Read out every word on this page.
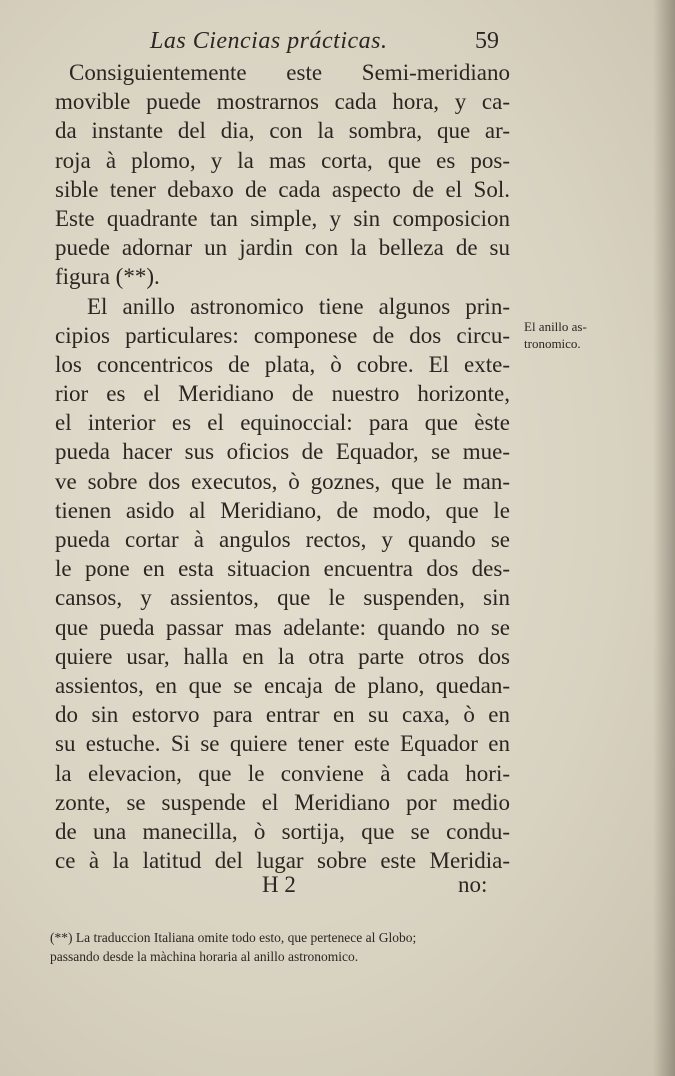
Las Ciencias prácticas.	59
Consiguientemente este Semi-meridiano
movible puede mostrarnos cada hora, y ca-
da instante del dia, con la sombra, que ar-
roja à plomo, y la mas corta, que es pos-
sible tener debaxo de cada aspecto de el Sol.
Este quadrante tan simple, y sin composicion
puede adornar un jardin con la belleza de su
figura (**).
El anillo astronomico tiene algunos prin-
cipios particulares: componese de dos circu-
los concentricos de plata, ò cobre. El exte-
rior es el Meridiano de nuestro horizonte,
el interior es el equinoccial: para que èste
pueda hacer sus oficios de Equador, se mue-
ve sobre dos executos, ò goznes, que le man-
tienen asido al Meridiano, de modo, que le
pueda cortar à angulos rectos, y quando se
le pone en esta situacion encuentra dos des-
cansos, y assientos, que le suspenden, sin
que pueda passar mas adelante: quando no se
quiere usar, halla en la otra parte otros dos
assientos, en que se encaja de plano, quedan-
do sin estorvo para entrar en su caxa, ò en
su estuche. Si se quiere tener este Equador en
la elevacion, que le conviene à cada hori-
zonte, se suspende el Meridiano por medio
de una manecilla, ò sortija, que se condu-
ce à la latitud del lugar sobre este Meridia-
El anillo as-
tronomico.
H 2	no:
(**) La traduccion Italiana omite todo esto, que pertenece al Globo;
passando desde la màchina horaria al anillo astronomico.
